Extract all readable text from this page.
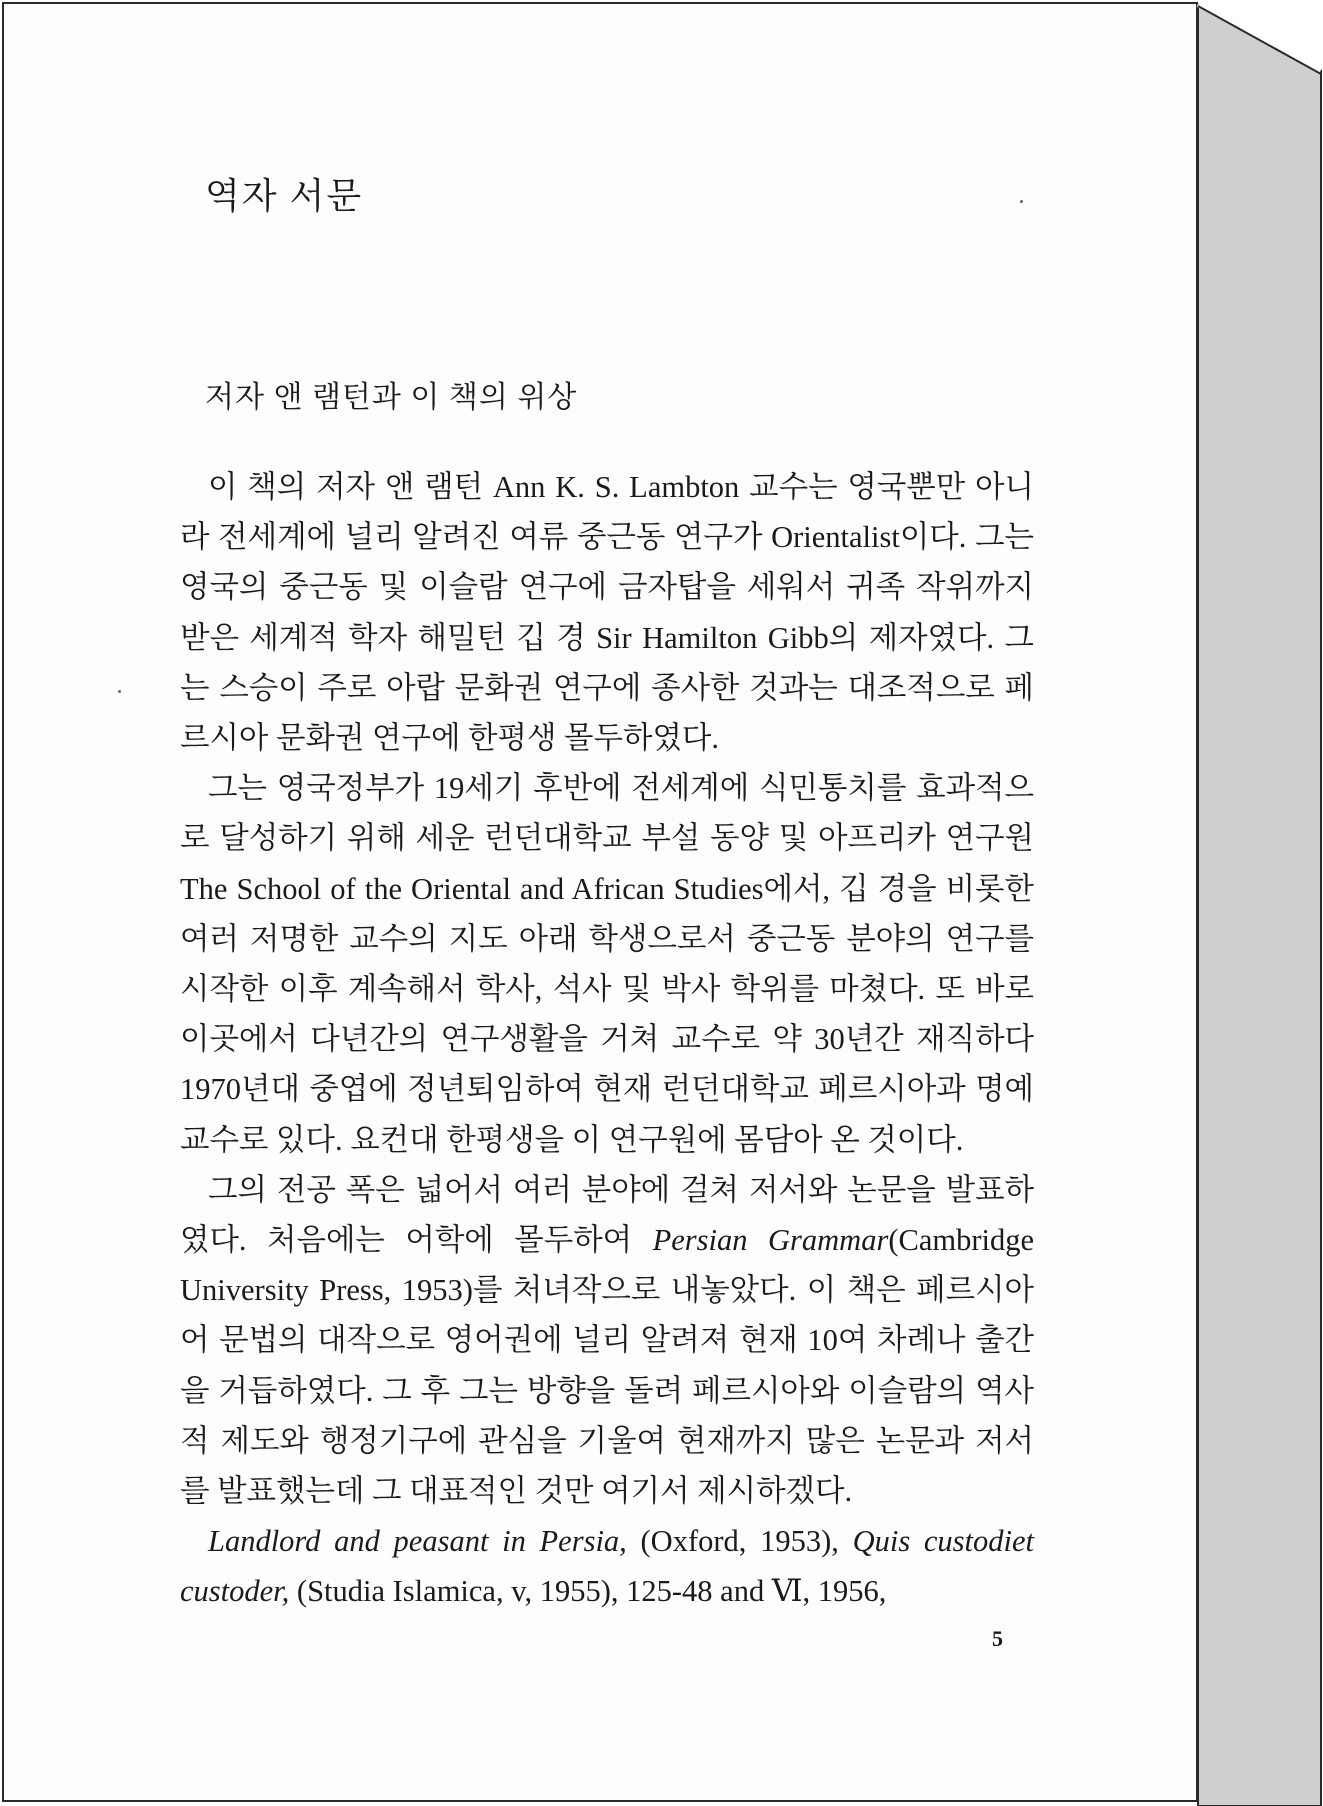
역자 서문
저자 앤 램턴과 이 책의 위상

이 책의 저자 앤 램턴 Ann K. S. Lambton 교수는 영국뿐만 아니라 전세계에 널리 알려진 여류 중근동 연구가 Orientalist이다. 그는 영국의 중근동 및 이슬람 연구에 금자탑을 세워서 귀족 작위까지 받은 세계적 학자 해밀턴 깁 경 Sir Hamilton Gibb의 제자였다. 그는 스승이 주로 아랍 문화권 연구에 종사한 것과는 대조적으로 페르시아 문화권 연구에 한평생 몰두하였다.

그는 영국정부가 19세기 후반에 전세계에 식민통치를 효과적으로 달성하기 위해 세운 런던대학교 부설 동양 및 아프리카 연구원 The School of the Oriental and African Studies에서, 깁 경을 비롯한 여러 저명한 교수의 지도 아래 학생으로서 중근동 분야의 연구를 시작한 이후 계속해서 학사, 석사 및 박사 학위를 마쳤다. 또 바로 이곳에서 다년간의 연구생활을 거쳐 교수로 약 30년간 재직하다 1970년대 중엽에 정년퇴임하여 현재 런던대학교 페르시아과 명예교수로 있다. 요컨대 한평생을 이 연구원에 몸담아 온 것이다.

그의 전공 폭은 넓어서 여러 분야에 걸쳐 저서와 논문을 발표하였다. 처음에는 어학에 몰두하여 Persian Grammar(Cambridge University Press, 1953)를 처녀작으로 내놓았다. 이 책은 페르시아어 문법의 대작으로 영어권에 널리 알려져 현재 10여 차례나 출간을 거듭하였다. 그 후 그는 방향을 돌려 페르시아와 이슬람의 역사적 제도와 행정기구에 관심을 기울여 현재까지 많은 논문과 저서를 발표했는데 그 대표적인 것만 여기서 제시하겠다.

Landlord and peasant in Persia, (Oxford, 1953), Quis custodiet custoder, (Studia Islamica, v, 1955), 125-48 and Ⅵ, 1956,

5
